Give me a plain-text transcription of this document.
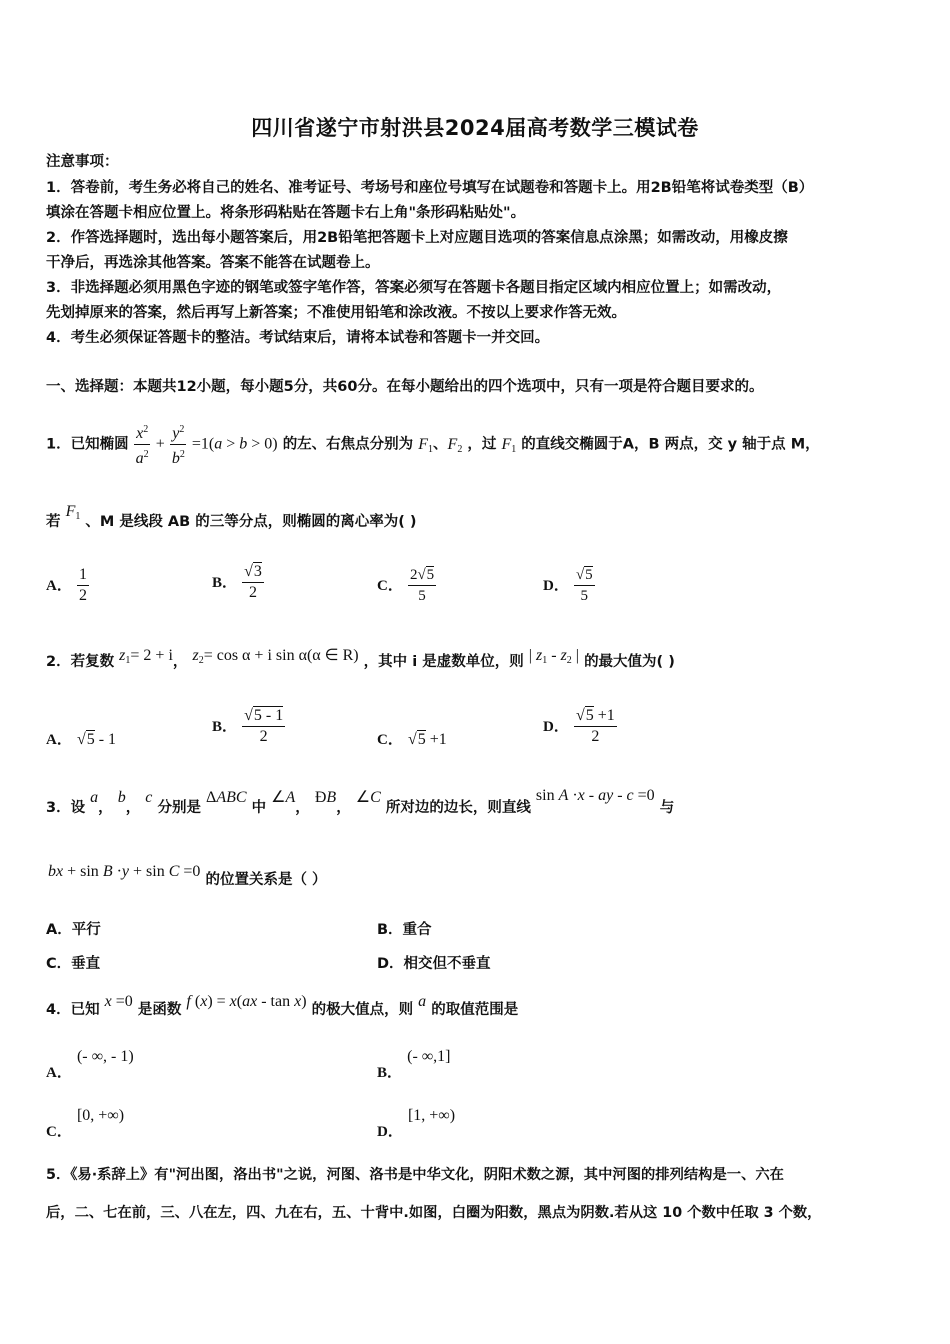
四川省遂宁市射洪县2024届高考数学三模试卷
注意事项：
1．答卷前，考生务必将自己的姓名、准考证号、考场号和座位号填写在试题卷和答题卡上。用2B铅笔将试卷类型（B）
填涂在答题卡相应位置上。将条形码粘贴在答题卡右上角"条形码粘贴处"。
2．作答选择题时，选出每小题答案后，用2B铅笔把答题卡上对应题目选项的答案信息点涂黑；如需改动，用橡皮擦
干净后，再选涂其他答案。答案不能答在试题卷上。
3．非选择题必须用黑色字迹的钢笔或签字笔作答，答案必须写在答题卡各题目指定区域内相应位置上；如需改动，
先划掉原来的答案，然后再写上新答案；不准使用铅笔和涂改液。不按以上要求作答无效。
4．考生必须保证答题卡的整洁。考试结束后，请将本试卷和答题卡一并交回。
一、选择题：本题共12小题，每小题5分，共60分。在每小题给出的四个选项中，只有一项是符合题目要求的。
1．已知椭圆 $\frac{x^2}{a^2} + \frac{y^2}{b^2} =1(a > b > 0)$ 的左、右焦点分别为 $F_1$、$F_2$ ，过 $F_1$ 的直线交椭圆于A，B 两点，交 y 轴于点 M，
若 $F_1$ 、M 是线段 AB 的三等分点，则椭圆的离心率为( )
A． $\frac{1}{2}$	B． $\frac{√3}{2}$	C． $\frac{2√5}{5}$	D． $\frac{√5}{5}$
2．若复数 $z_1= 2 + i$， $z_2= \cos \alpha + i$ sin α(α ∈ R) ，其中 i 是虚数单位，则 | $z_1 - z_2$ | 的最大值为( )
A． √5 - 1
B． $\frac{√5 - 1}{2}$	C． √5 +1
D． $\frac{√5 +1}{2}$
3．设 a， b， c 分别是 ΔABC 中 ∠A， ÐB， ∠C 所对边的边长，则直线 sin A ·x - ay - c =0 与
bx + sin B ·y + sin C =0 的位置关系是（ ）
A．平行	B．重合
C．垂直	D．相交但不垂直
4．已知 x =0 是函数 f (x) = x(ax - tan x) 的极大值点，则 a 的取值范围是
A． (- ∞, - 1)
B． (- ∞,1]
C． [0, +∞)
D． [1, +∞)
5．《易·系辞上》有"河出图，洛出书"之说，河图、洛书是中华文化，阴阳术数之源，其中河图的排列结构是一、六在
后，二、七在前，三、八在左，四、九在右，五、十背中.如图，白圈为阳数，黑点为阴数.若从这 10 个数中任取 3 个数，
